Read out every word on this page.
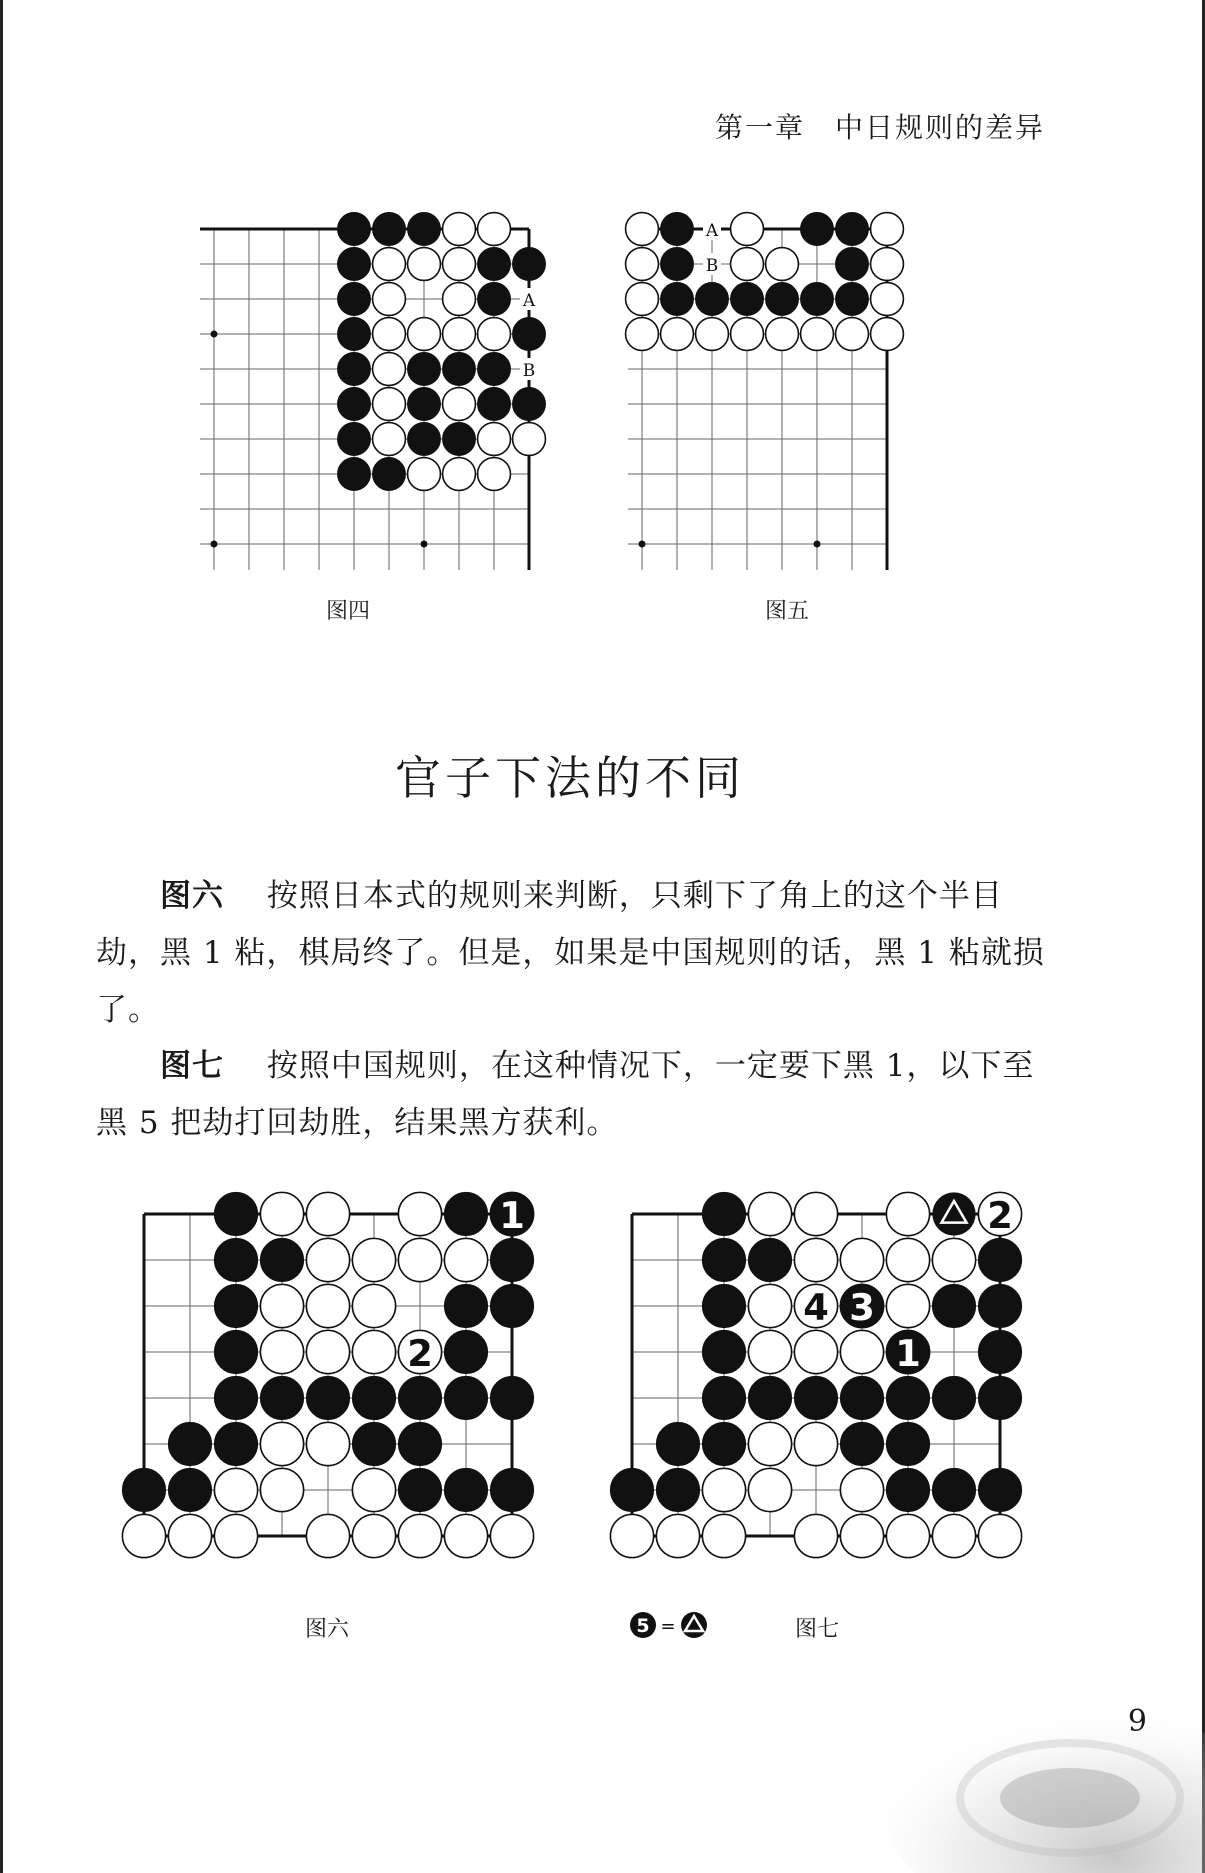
第一章　中日规则的差异
A
B
图四
A
B
图五
官子下法的不同
图六　 按照日本式的规则来判断，只剩下了角上的这个半目劫，黑 1 粘，棋局终了。但是，如果是中国规则的话，黑 1 粘就损了。
图七　 按照中国规则，在这种情况下，一定要下黑 1，以下至黑 5 把劫打回劫胜，结果黑方获利。
1
2
图六
2
4 3
1
5 =	图七
9
